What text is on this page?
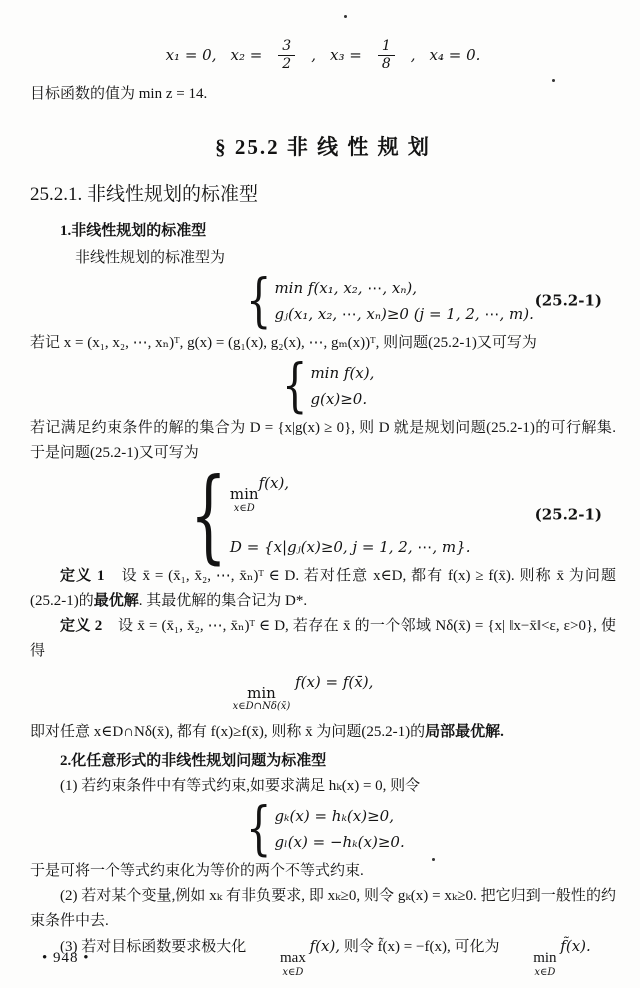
x₁ = 0, $x_2 = \frac{3}{2}$ , $x_3 = \frac{1}{8}$ , x₄ = 0.

目标函数的值为 min z = 14.

§ 25.2 非 线 性 规 划
25.2.1. 非线性规划的标准型

1.非线性规划的标准型

非线性规划的标准型为

{ min f(x₁, x₂, ⋯, xₙ),
gⱼ(x₁, x₂, ⋯, xₙ)≥0 (j = 1, 2, ⋯, m).
(25.2-1)

若记 x = (x₁, x₂, ⋯, xₙ)ᵀ, g(x) = (g₁(x), g₂(x), ⋯, gₘ(x))ᵀ, 则问题(25.2-1)又可写为

{ min f(x),
g(x)≥0.

若记满足约束条件的解的集合为 D = {x|g(x) ≥ 0}, 则 D 就是规划问题(25.2-1)的可行解集. 于是问题(25.2-1)又可写为

{ min
x∈D
f(x),
D = {x|gⱼ(x)≥0, j = 1, 2, ⋯, m}.
(25.2-1)

定义 1　 设 x̄ = (x̄₁, x̄₂, ⋯, x̄ₙ)ᵀ ∈ D. 若对任意 x∈D, 都有 f(x) ≥ f(x̄). 则称 x̄ 为问题(25.2-1)的最优解. 其最优解的集合记为 D*.

定义 2　 设 x̄ = (x̄₁, x̄₂, ⋯, x̄ₙ)ᵀ ∈ D, 若存在 x̄ 的一个邻域 Nδ(x̄) = {x| ‖x−x̄‖<ε, ε>0}, 使得

min
x∈D∩Nδ(x̄)
f(x) = f(x̄),

即对任意 x∈D∩Nδ(x̄), 都有 f(x)≥f(x̄), 则称 x̄ 为问题(25.2-1)的局部最优解.

2.化任意形式的非线性规划问题为标准型

(1) 若约束条件中有等式约束,如要求满足 hₖ(x) = 0, 则令

{ gₖ(x) = hₖ(x)≥0,
gₗ(x) = −hₖ(x)≥0.

于是可将一个等式约束化为等价的两个不等式约束.

(2) 若对某个变量,例如 xₖ 有非负要求, 即 xₖ≥0, 则令 gₖ(x) = xₖ≥0. 把它归到一般性的约束条件中去.

(3) 若对目标函数要求极大化
max
x∈D
f(x), 则令 f̃(x) = −f(x), 可化为
min
x∈D
f̃(x).

• 948 •
